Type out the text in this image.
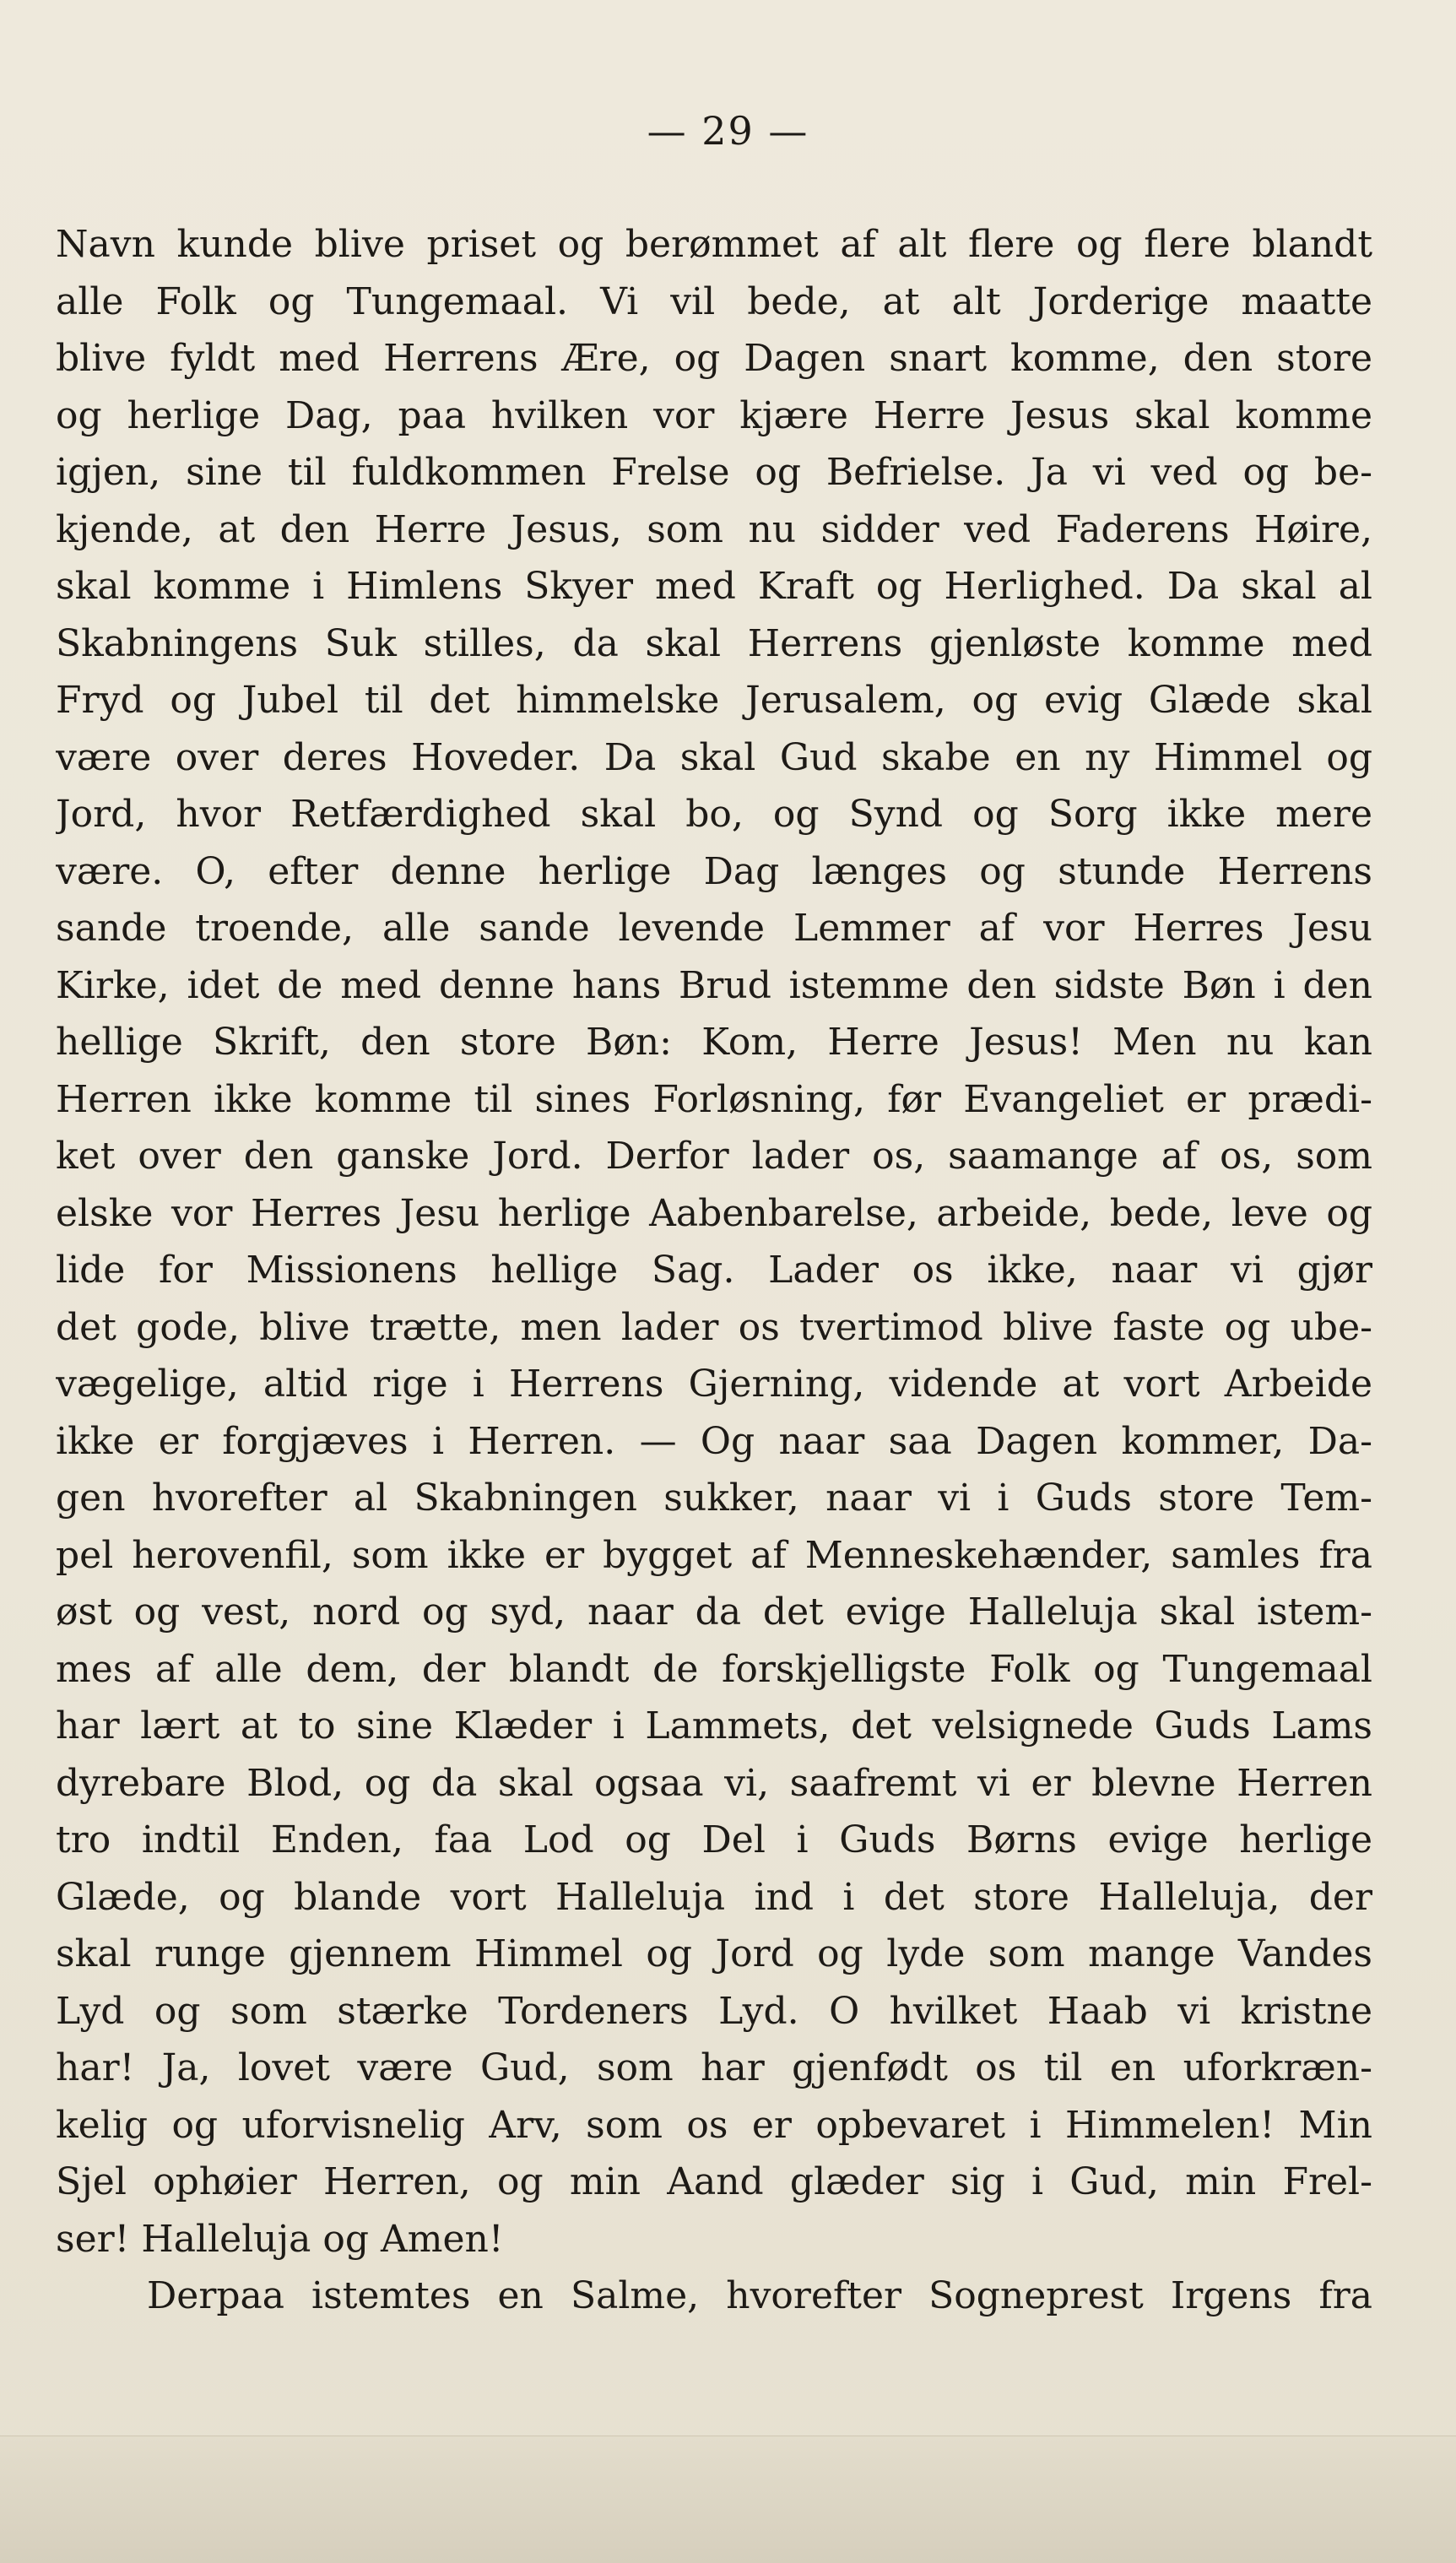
— 29 —
Navn kunde blive priset og berømmet af alt flere og flere blandt
alle Folk og Tungemaal. Vi vil bede, at alt Jorderige maatte
blive fyldt med Herrens Ære, og Dagen snart komme, den store
og herlige Dag, paa hvilken vor kjære Herre Jesus skal komme
igjen, sine til fuldkommen Frelse og Befrielse. Ja vi ved og be-
kjende, at den Herre Jesus, som nu sidder ved Faderens Høire,
skal komme i Himlens Skyer med Kraft og Herlighed. Da skal al
Skabningens Suk stilles, da skal Herrens gjenløste komme med
Fryd og Jubel til det himmelske Jerusalem, og evig Glæde skal
være over deres Hoveder. Da skal Gud skabe en ny Himmel og
Jord, hvor Retfærdighed skal bo, og Synd og Sorg ikke mere
være. O, efter denne herlige Dag længes og stunde Herrens
sande troende, alle sande levende Lemmer af vor Herres Jesu
Kirke, idet de med denne hans Brud istemme den sidste Bøn i den
hellige Skrift, den store Bøn: Kom, Herre Jesus! Men nu kan
Herren ikke komme til sines Forløsning, før Evangeliet er prædi-
ket over den ganske Jord. Derfor lader os, saamange af os, som
elske vor Herres Jesu herlige Aabenbarelse, arbeide, bede, leve og
lide for Missionens hellige Sag. Lader os ikke, naar vi gjør
det gode, blive trætte, men lader os tvertimod blive faste og ube-
vægelige, altid rige i Herrens Gjerning, vidende at vort Arbeide
ikke er forgjæves i Herren. — Og naar saa Dagen kommer, Da-
gen hvorefter al Skabningen sukker, naar vi i Guds store Tem-
pel herovenfil, som ikke er bygget af Menneskehænder, samles fra
øst og vest, nord og syd, naar da det evige Halleluja skal istem-
mes af alle dem, der blandt de forskjelligste Folk og Tungemaal
har lært at to sine Klæder i Lammets, det velsignede Guds Lams
dyrebare Blod, og da skal ogsaa vi, saafremt vi er blevne Herren
tro indtil Enden, faa Lod og Del i Guds Børns evige herlige
Glæde, og blande vort Halleluja ind i det store Halleluja, der
skal runge gjennem Himmel og Jord og lyde som mange Vandes
Lyd og som stærke Tordeners Lyd. O hvilket Haab vi kristne
har! Ja, lovet være Gud, som har gjenfødt os til en uforkræn-
kelig og uforvisnelig Arv, som os er opbevaret i Himmelen! Min
Sjel ophøier Herren, og min Aand glæder sig i Gud, min Frel-
ser! Halleluja og Amen!
Derpaa istemtes en Salme, hvorefter Sogneprest Irgens fra
